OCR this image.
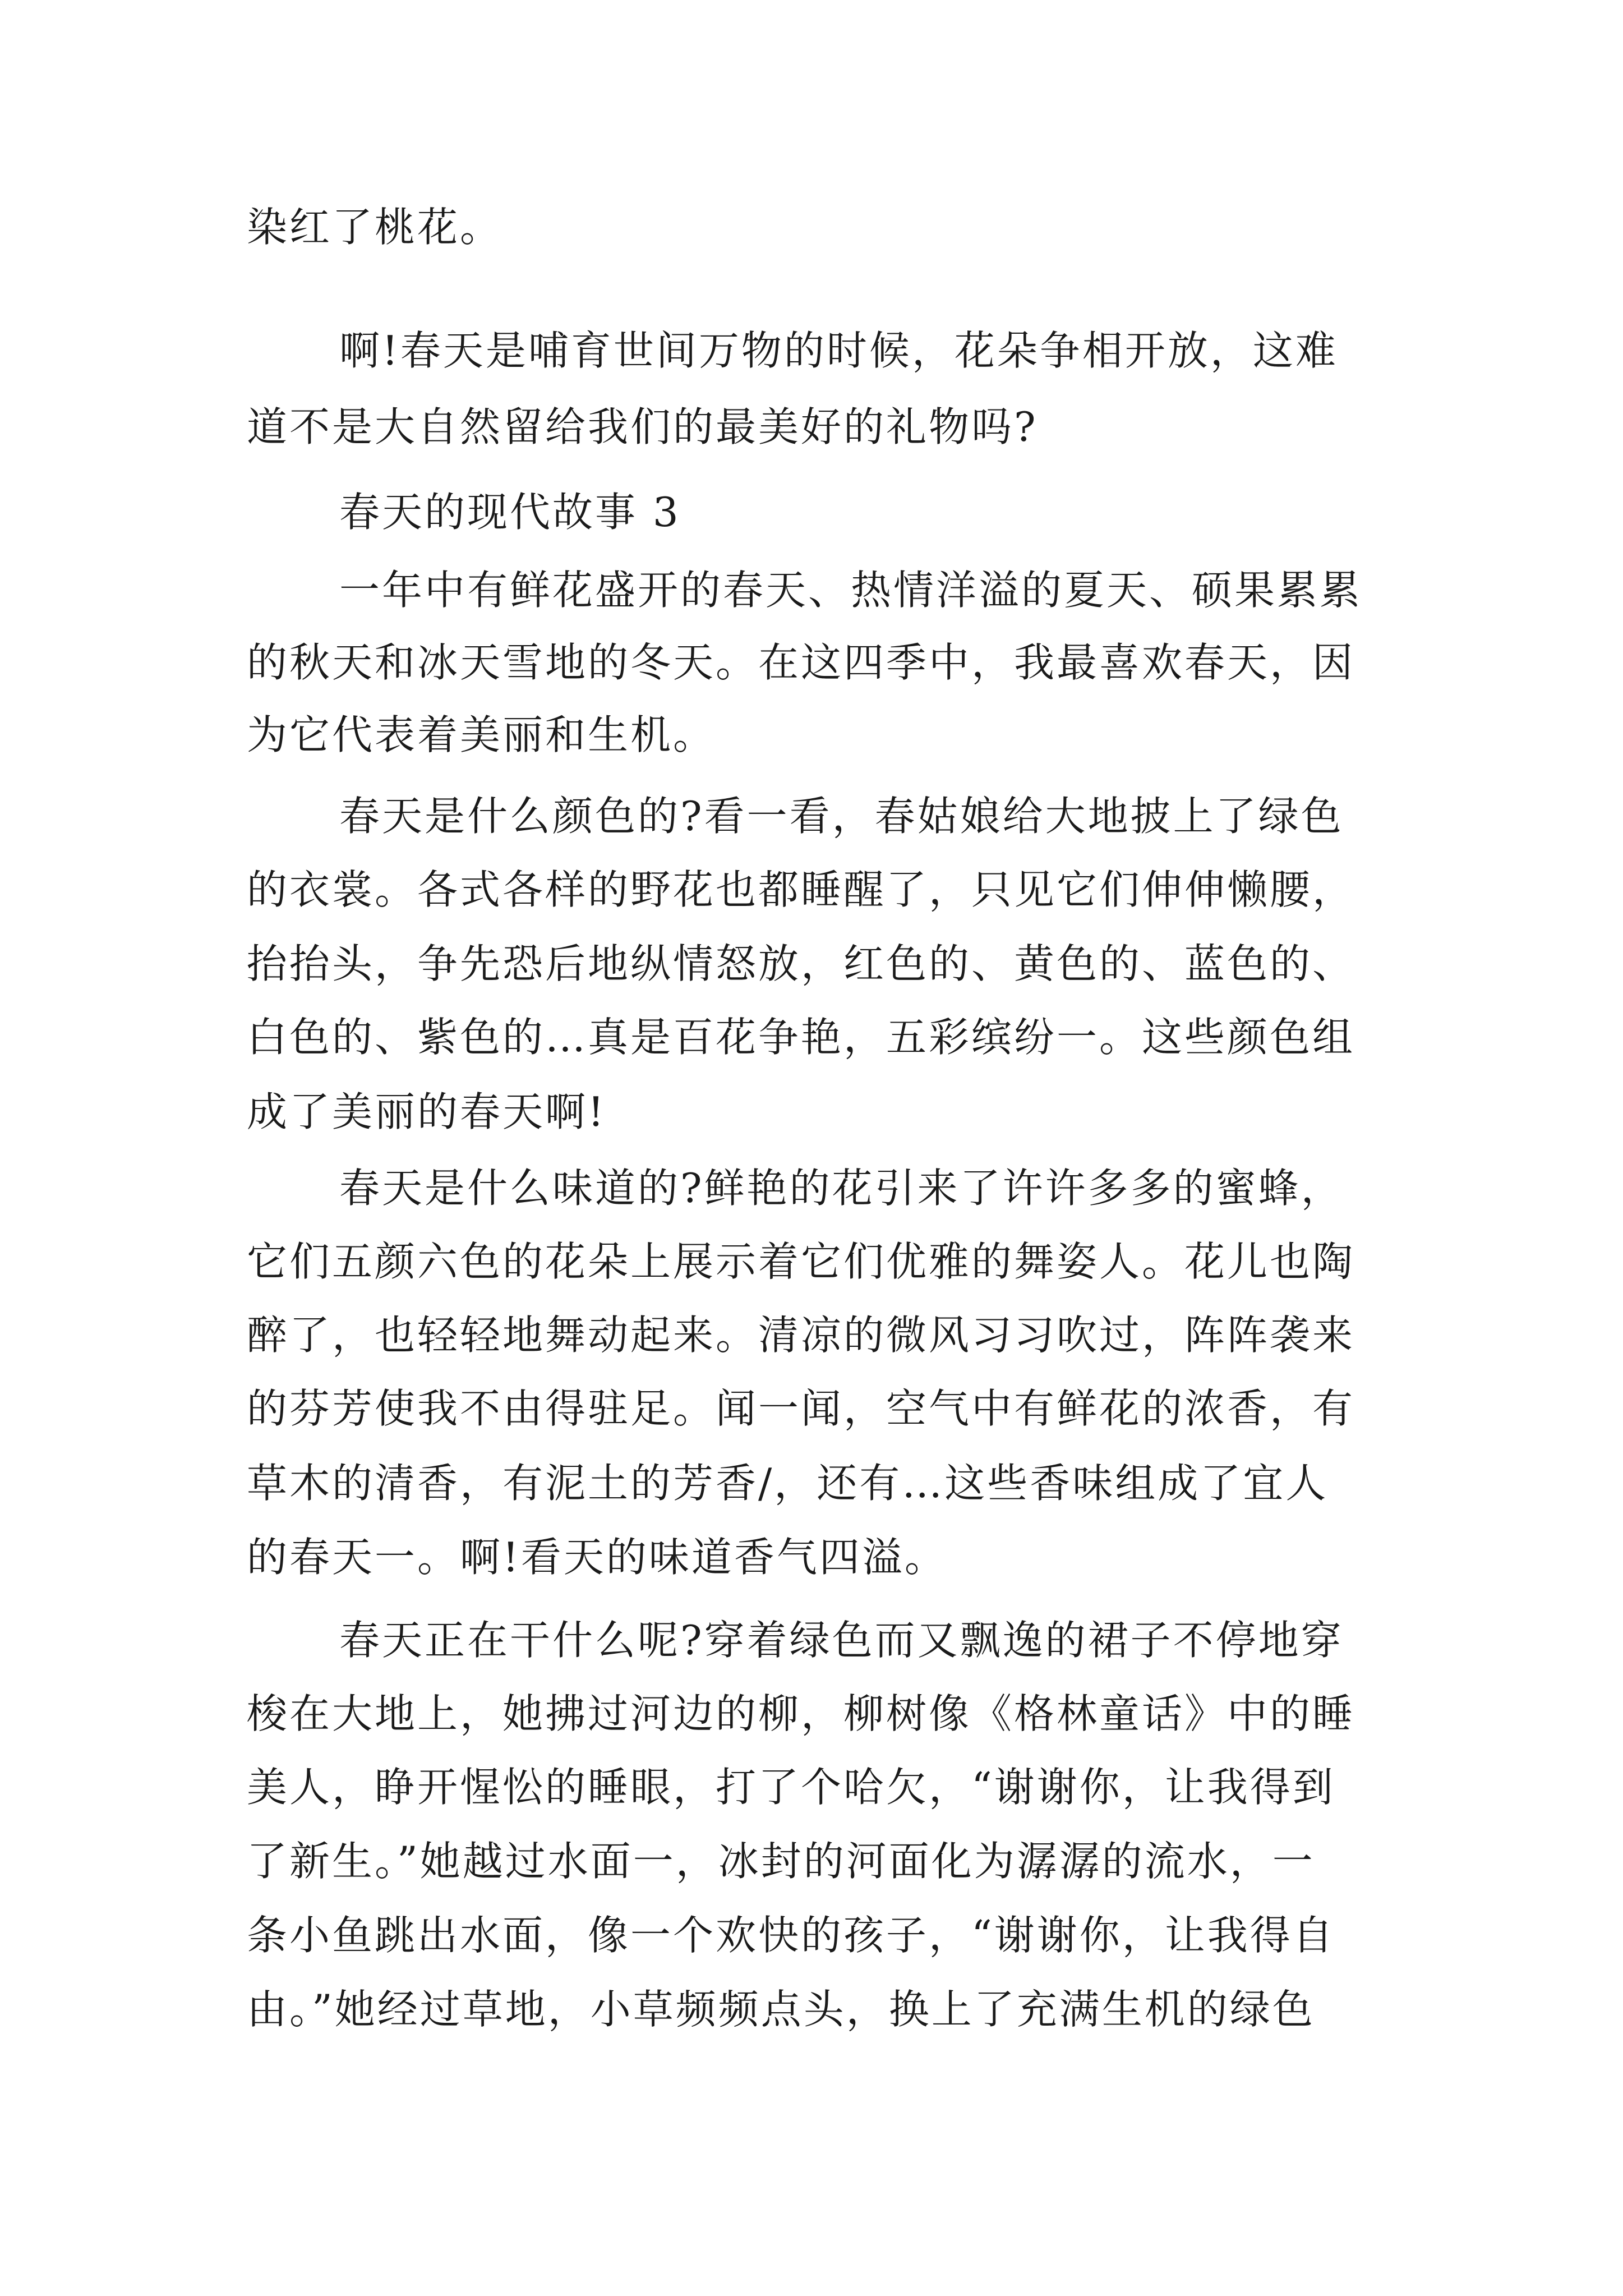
染红了桃花。
啊!春天是哺育世间万物的时候，花朵争相开放，这难
道不是大自然留给我们的最美好的礼物吗?
春天的现代故事 3
一年中有鲜花盛开的春天、热情洋溢的夏天、硕果累累
的秋天和冰天雪地的冬天。在这四季中，我最喜欢春天，因
为它代表着美丽和生机。
春天是什么颜色的?看一看，春姑娘给大地披上了绿色
的衣裳。各式各样的野花也都睡醒了，只见它们伸伸懒腰，
抬抬头，争先恐后地纵情怒放，红色的、黄色的、蓝色的、
白色的、紫色的…真是百花争艳，五彩缤纷一。这些颜色组
成了美丽的春天啊!
春天是什么味道的?鲜艳的花引来了许许多多的蜜蜂，
它们五颜六色的花朵上展示着它们优雅的舞姿人。花儿也陶
醉了，也轻轻地舞动起来。清凉的微风习习吹过，阵阵袭来
的芬芳使我不由得驻足。闻一闻，空气中有鲜花的浓香，有
草木的清香，有泥土的芳香/，还有…这些香味组成了宜人
的春天一。啊!看天的味道香气四溢。
春天正在干什么呢?穿着绿色而又飘逸的裙子不停地穿
梭在大地上，她拂过河边的柳，柳树像《格林童话》中的睡
美人，睁开惺忪的睡眼，打了个哈欠，“谢谢你，让我得到
了新生。”她越过水面一，冰封的河面化为潺潺的流水，一
条小鱼跳出水面，像一个欢快的孩子，“谢谢你，让我得自
由。”她经过草地，小草频频点头，换上了充满生机的绿色
